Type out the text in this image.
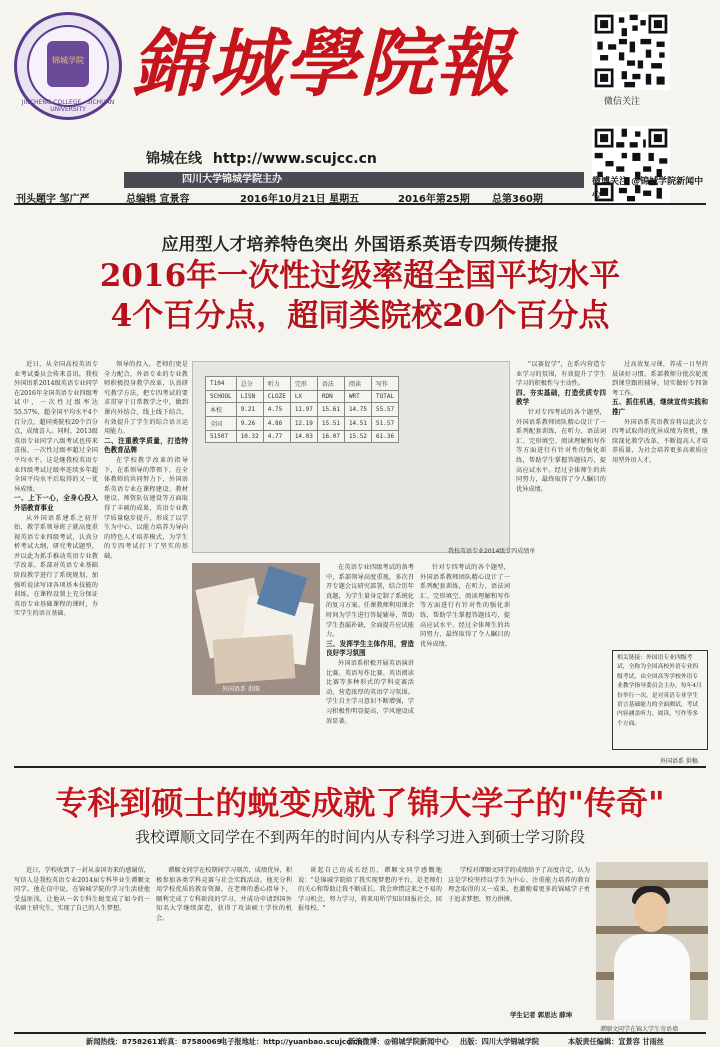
锦城学院
JINCHENG COLLEGE · SICHUAN UNIVERSITY
錦城學院報	微信关注
锦城在线 http://www.scujcc.cn
四川大学锦城学院主办	微博关注 @锦城学院新闻中心
刊头题字 邹广严	总编辑 宣景容	2016年10月21日 星期五	2016年第25期 总第360期
应用型人才培养特色突出 外国语系英语专四频传捷报
2016年一次性过级率超全国平均水平
4个百分点，超同类院校20个百分点

近日，从全国高校英语专业考试委员会传来喜讯，我校外国语系2014级英语专业同学在2016年全国英语专业四级考试中，一次性过级率达55.57%，超全国平均水平4个百分点，超同类院校20个百分点，成绩喜人。同时，2013级英语专业同学八级考试也传来喜报，一次性过级率超过全国平均水平。这是继我校英语专业四级考试过级率连续多年超全国平均水平后取得的又一优异成绩。

一、上下一心，全身心投入外语教育事业

从外国语系建系之初开始，教学系领导班子就高度重视英语专业四级考试，认真分析考试大纲，研究考试题型，并以此为抓手推动英语专业教学改革。系部对英语专业基础阶段教学进行了系统规划，加强听说读写译各项基本技能的训练，在课程设置上充分保证英语专业基础课程的课时，夯实学生的语言基础。

领导的投入，老师们更是全力配合，外语专业的专业教师积极投身教学改革，认真研究教学方法，把专四考试的要求贯穿于日常教学之中，做到课内外结合，线上线下结合，有效提升了学生的综合语言运用能力。

二、注重教学质量，打造特色教育品牌

在学校教学改革的指导下，在系领导的带领下，在全体教师的共同努力下，外国语系英语专业在课程建设、教材建设、师资队伍建设等方面取得了丰硕的成果，英语专业教学质量稳步提升，形成了以学生为中心、以能力培养为导向的特色人才培养模式，为学生的专四考试打下了坚实的基础。

T104	总分	听力	完形	语法	阅读	写作
SCHOOL	LISN	CLOZE	LX	RDN	WRT	TOTAL
本校	9.21	4.75	11.97	15.61	14.75	55.57
全国	9.26	4.86	12.19	15.51	14.51	51.57
51507	10.32	4.77	14.03	16.07	15.52	61.36
我校英语专业2014级专四成绩单
外国语系 供图

在英语专业四级考试的备考中，系部领导高度重视，多次召开专题会议研究部署，结合历年真题，为学生量身定制了系统化的复习方案。任课教师利用课余时间为学生进行答疑辅导，帮助学生查漏补缺，全面提升应试能力。

三、发挥学生主体作用，营造良好学习氛围

外国语系积极开展英语演讲比赛、英语写作比赛、英语阅读比赛等多种形式的学科竞赛活动，营造浓厚的英语学习氛围。学生自主学习意识不断增强，学习积极性明显提高，学风建设成效显著。

针对专四考试的各个题型，外国语系教师团队精心设计了一系列配套训练，在听力、语法词汇、完形填空、阅读理解和写作等方面进行有针对性的强化训练，帮助学生掌握答题技巧，提高应试水平。经过全体师生的共同努力，最终取得了令人瞩目的优异成绩。

"以赛促学"，在系内营造专业学习的氛围，有效提升了学生学习的积极性与主动性。

四、夯实基础，打造优质专四教学

针对专四考试的各个题型，外国语系教师团队精心设计了一系列配套训练，在听力、语法词汇、完形填空、阅读理解和写作等方面进行有针对性的强化训练，帮助学生掌握答题技巧，提高应试水平。经过全体师生的共同努力，最终取得了令人瞩目的优异成绩。

过高效复习课，养成一日坚持晨读好习惯。系部教师分批次轮流到课堂跟班辅导，切实做好专四备考工作。

五、抓住机遇，继续宣传实践和推广

外国语系英语教育将以此次专四考试取得的优异成绩为契机，继续深化教学改革，不断提高人才培养质量，为社会培养更多高素质应用型外语人才。

相关链接：外国语专业四级考试，全称为全国高校外语专业四级考试，由全国高等学校外语专业教学指导委员会主办，每年4月份举行一次，是对英语专业学生语言基础能力的全面测试，考试内容涵盖听力、阅读、写作等多个方面。
外国语系 供稿
专科到硕士的蜕变成就了锦大学子的"传奇"
我校谭顺文同学在不到两年的时间内从专科学习进入到硕士学习阶段

近日，学校收到了一封从泰国寄来的感谢信，写信人是我校英语专业2014届专科毕业生谭顺文同学。他在信中说，在锦城学院的学习生活使他受益匪浅，让他从一名专科生蜕变成了如今的一名硕士研究生，实现了自己的人生梦想。

谭顺文同学在校期间学习刻苦，成绩优异，积极参加各类学科竞赛与社会实践活动。他充分利用学校优质的教育资源，在老师的悉心指导下，顺利完成了专科阶段的学习，并成功申请到国外知名大学继续深造，获得了攻读硕士学位的机会。

谈起自己的成长经历，谭顺文同学感慨地说："是锦城学院给了我实现梦想的平台，是老师们的关心和帮助让我不断成长，我会珍惜这来之不易的学习机会，努力学习，将来用所学知识回报社会，回报母校。"

学校对谭顺文同学的成绩给予了高度肯定，认为这是学校坚持以学生为中心、注重能力培养的教育理念取得的又一成果，也激励着更多的锦城学子勇于追求梦想，努力拼搏。

学生记者 郭思达 薛坤
谭顺文同学在锦大学生寄语墙
新闻热线：87582611
传真：87580069
电子报地址：http://yuanbao.scujcc.cn
新浪微博：@锦城学院新闻中心 出版：四川大学锦城学院	本版责任编辑：宣景容 甘雨丝
